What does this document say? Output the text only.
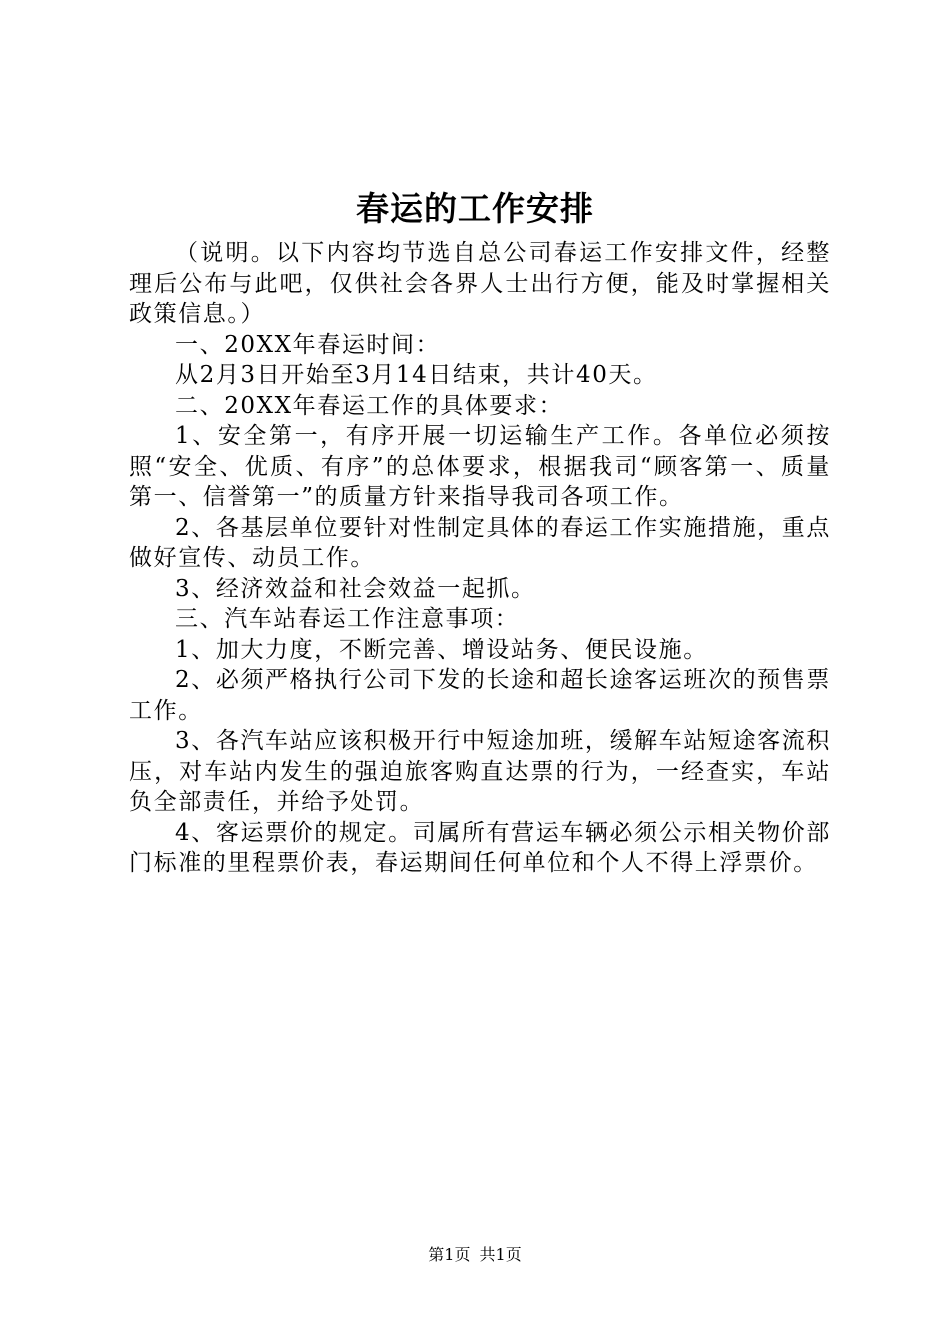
春运的工作安排

（说明。以下内容均节选自总公司春运工作安排文件，经整理后公布与此吧，仅供社会各界人士出行方便，能及时掌握相关政策信息。）

一、20XX年春运时间：

从2月3日开始至3月14日结束，共计40天。

二、20XX年春运工作的具体要求：

1、安全第一，有序开展一切运输生产工作。各单位必须按照“安全、优质、有序”的总体要求，根据我司“顾客第一、质量第一、信誉第一”的质量方针来指导我司各项工作。

2、各基层单位要针对性制定具体的春运工作实施措施，重点做好宣传、动员工作。

3、经济效益和社会效益一起抓。

三、汽车站春运工作注意事项：

1、加大力度，不断完善、增设站务、便民设施。

2、必须严格执行公司下发的长途和超长途客运班次的预售票工作。

3、各汽车站应该积极开行中短途加班，缓解车站短途客流积压，对车站内发生的强迫旅客购直达票的行为，一经查实，车站负全部责任，并给予处罚。

4、客运票价的规定。司属所有营运车辆必须公示相关物价部门标准的里程票价表，春运期间任何单位和个人不得上浮票价。

第1页 共1页
